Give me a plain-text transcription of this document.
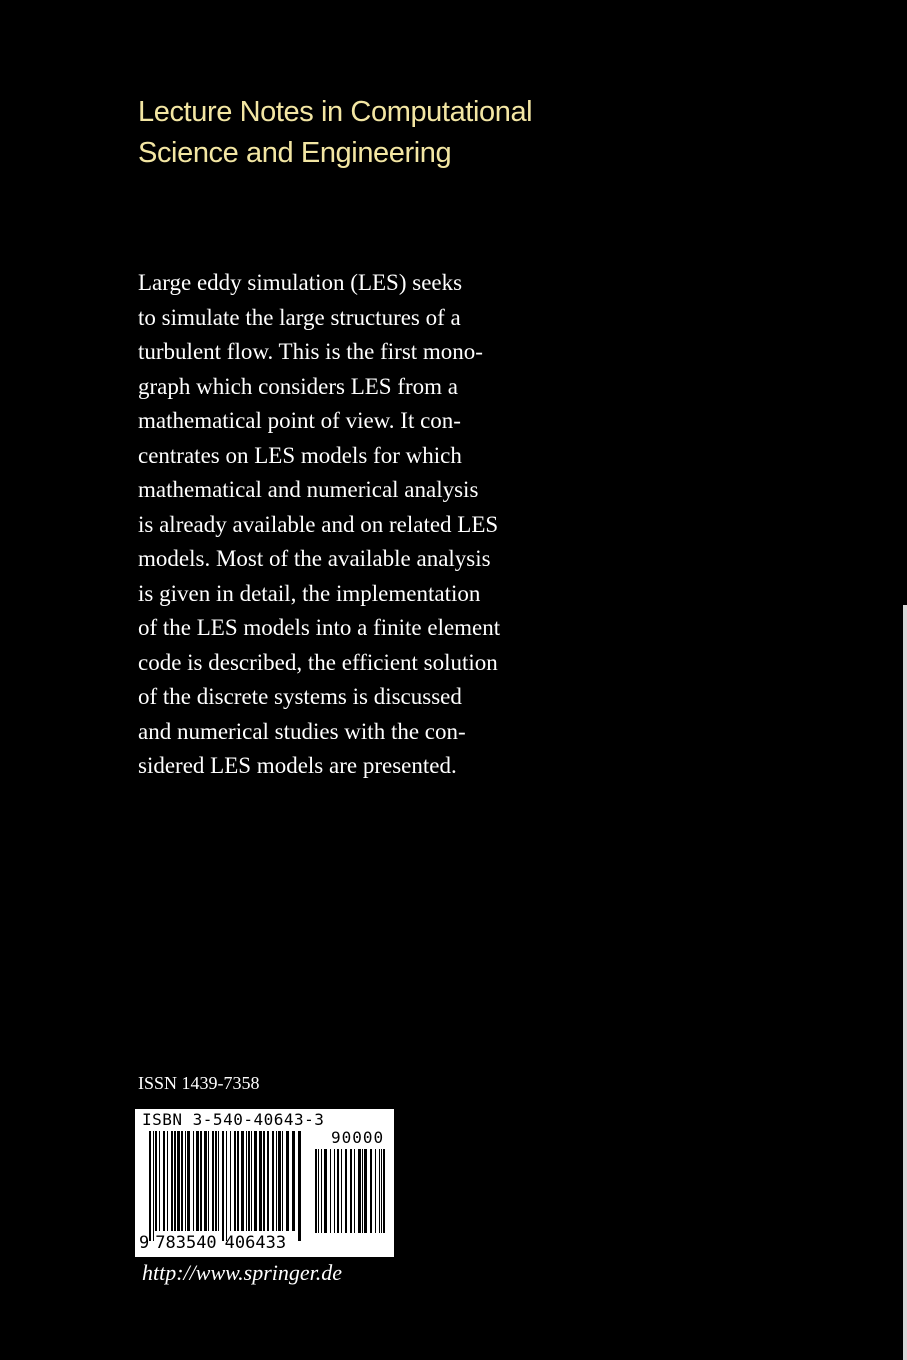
Lecture Notes in Computational
Science and Engineering

Large eddy simulation (LES) seeks
to simulate the large structures of a
turbulent flow. This is the first mono-
graph which considers LES from a
mathematical point of view. It con-
centrates on LES models for which
mathematical and numerical analysis
is already available and on related LES
models. Most of the available analysis
is given in detail, the implementation
of the LES models into a finite element
code is described, the efficient solution
of the discrete systems is discussed
and numerical studies with the con-
sidered LES models are presented.

ISSN 1439-7358

ISBN 3-540-40643-3
90000
9 783540 406433

http://www.springer.de
